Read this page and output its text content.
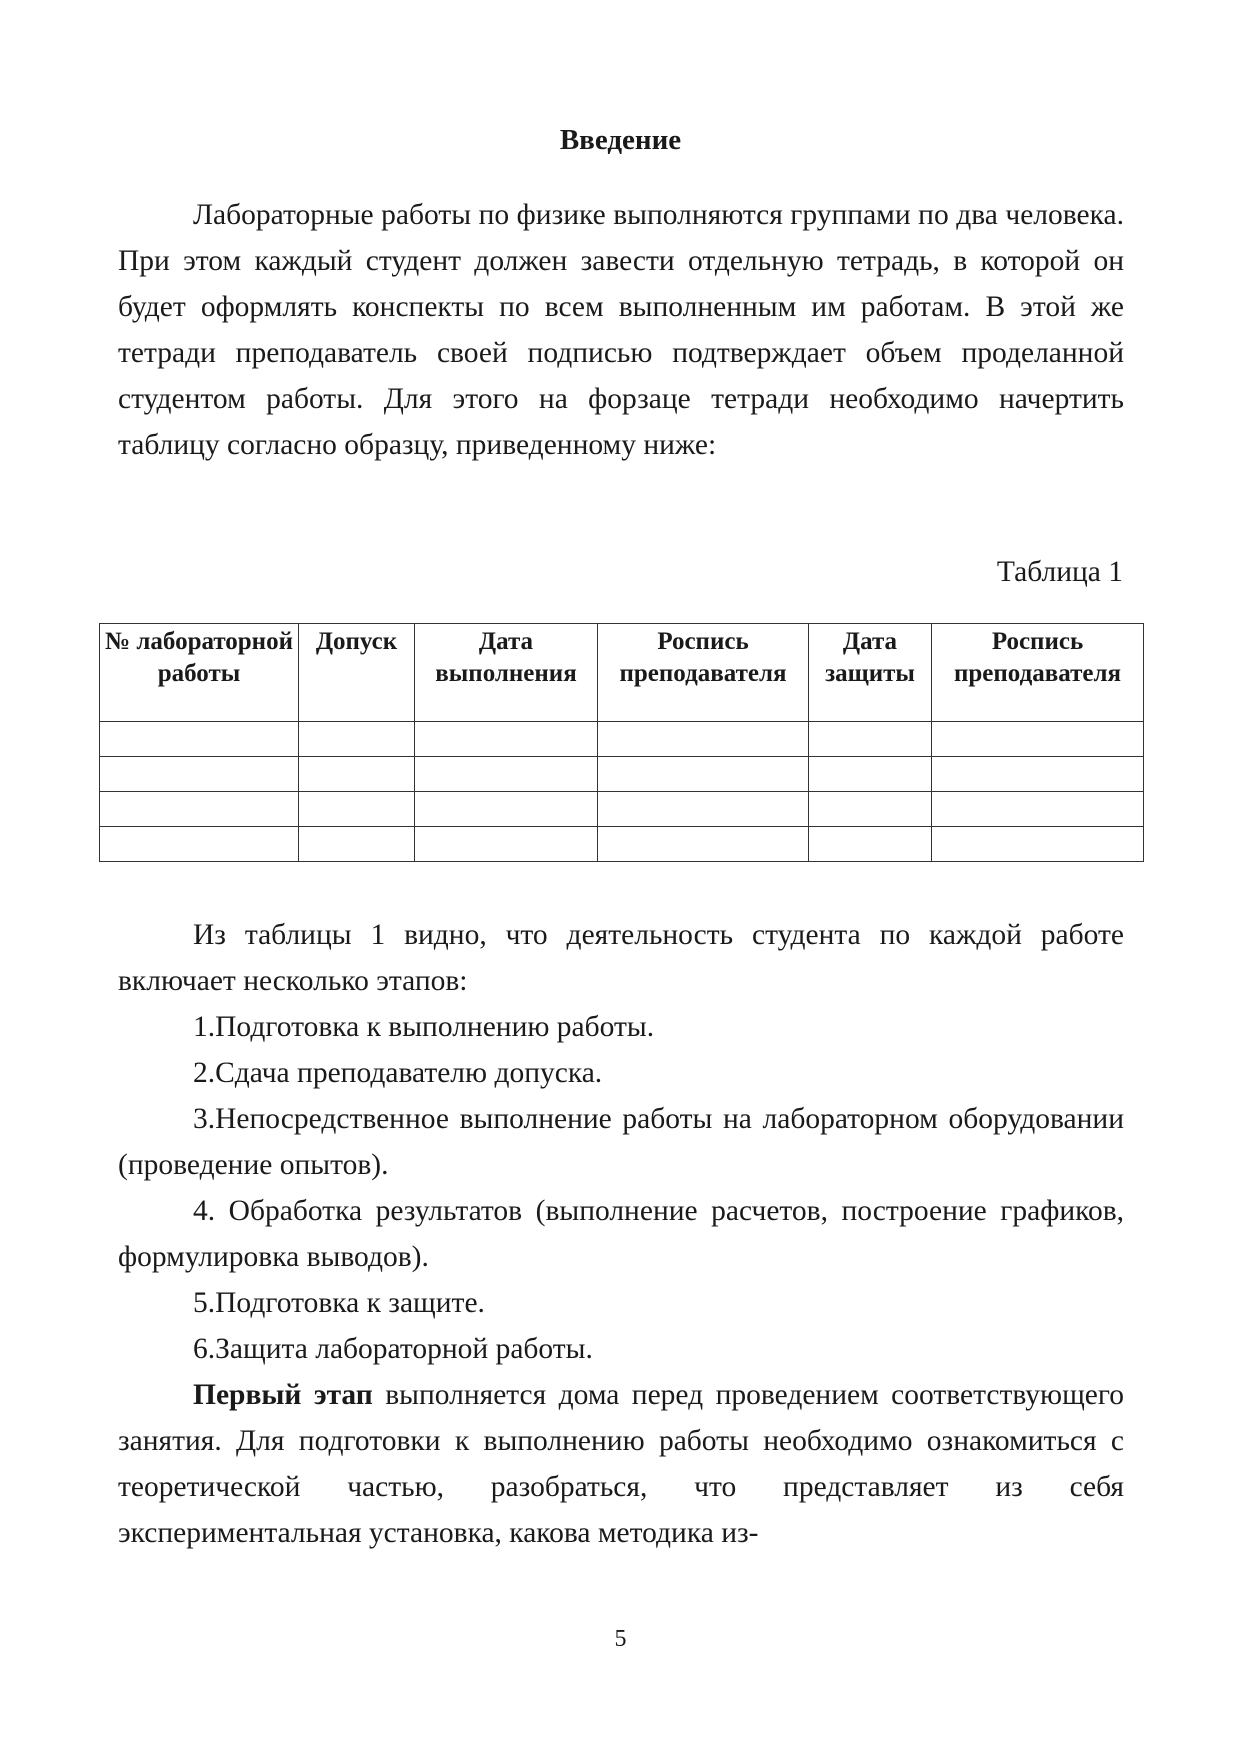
Введение

Лабораторные работы по физике выполняются группами по два человека. При этом каждый студент должен завести отдельную тетрадь, в которой он будет оформлять конспекты по всем выполненным им работам. В этой же тетради преподаватель своей подписью подтверждает объем проделанной студентом работы. Для этого на форзаце тетради необходимо начертить таблицу согласно образцу, приведенному ниже:

Таблица 1
№ лабораторной работы	Допуск	Дата выполнения	Роспись преподавателя	Дата защиты	Роспись преподавателя

Из таблицы 1 видно, что деятельность студента по каждой работе включает несколько этапов:

1.Подготовка к выполнению работы.

2.Сдача преподавателю допуска.

3.Непосредственное выполнение работы на лабораторном оборудовании (проведение опытов).

4. Обработка результатов (выполнение расчетов, построение графиков, формулировка выводов).

5.Подготовка к защите.

6.Защита лабораторной работы.

Первый этап выполняется дома перед проведением соответствующего занятия. Для подготовки к выполнению работы необходимо ознакомиться с теоретической частью, разобраться, что представляет из себя экспериментальная установка, какова методика из-

5
